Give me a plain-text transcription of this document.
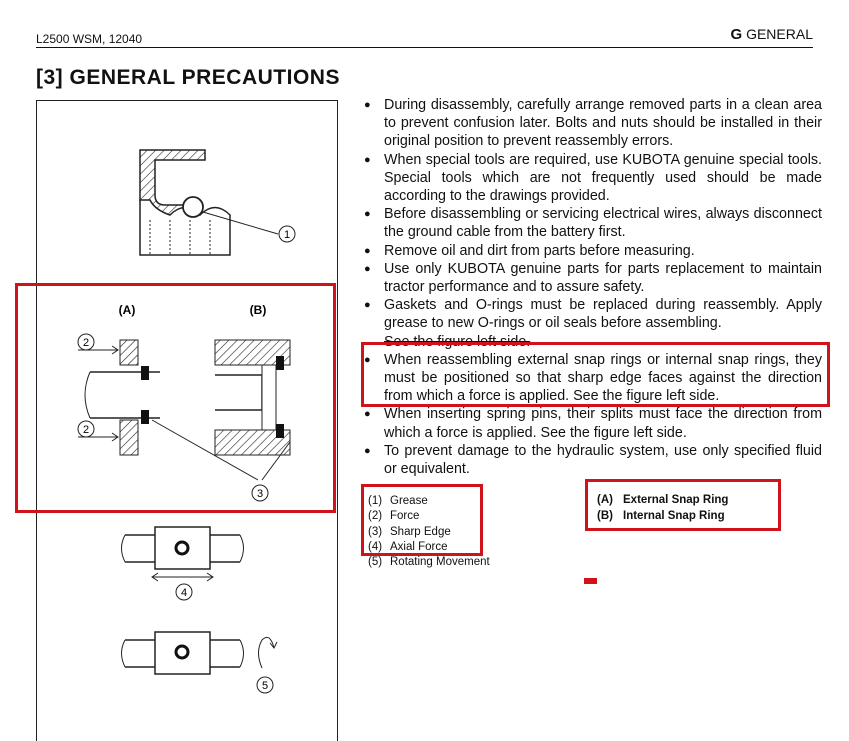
L2500 WSM, 12040	G GENERAL
[3] GENERAL PRECAUTIONS
1
(A)	(B)
2
2
3
4
5
● During disassembly, carefully arrange removed parts in a clean area to prevent confusion later. Bolts and nuts should be installed in their original position to prevent reassembly errors.
● When special tools are required, use KUBOTA genuine special tools. Special tools which are not frequently used should be made according to the drawings provided.
● Before disassembling or servicing electrical wires, always disconnect the ground cable from the battery first.
● Remove oil and dirt from parts before measuring.
● Use only KUBOTA genuine parts for parts replacement to maintain tractor performance and to assure safety.
● Gaskets and O-rings must be replaced during reassembly. Apply grease to new O-rings or oil seals before assembling.
See the figure left side.
● When reassembling external snap rings or internal snap rings, they must be positioned so that sharp edge faces against the direction from which a force is applied. See the figure left side.
● When inserting spring pins, their splits must face the direction from which a force is applied. See the figure left side.
● To prevent damage to the hydraulic system, use only specified fluid or equivalent.
(1) Grease
(2) Force
(3) Sharp Edge
(4) Axial Force
(5) Rotating Movement
(A) External Snap Ring
(B) Internal Snap Ring
